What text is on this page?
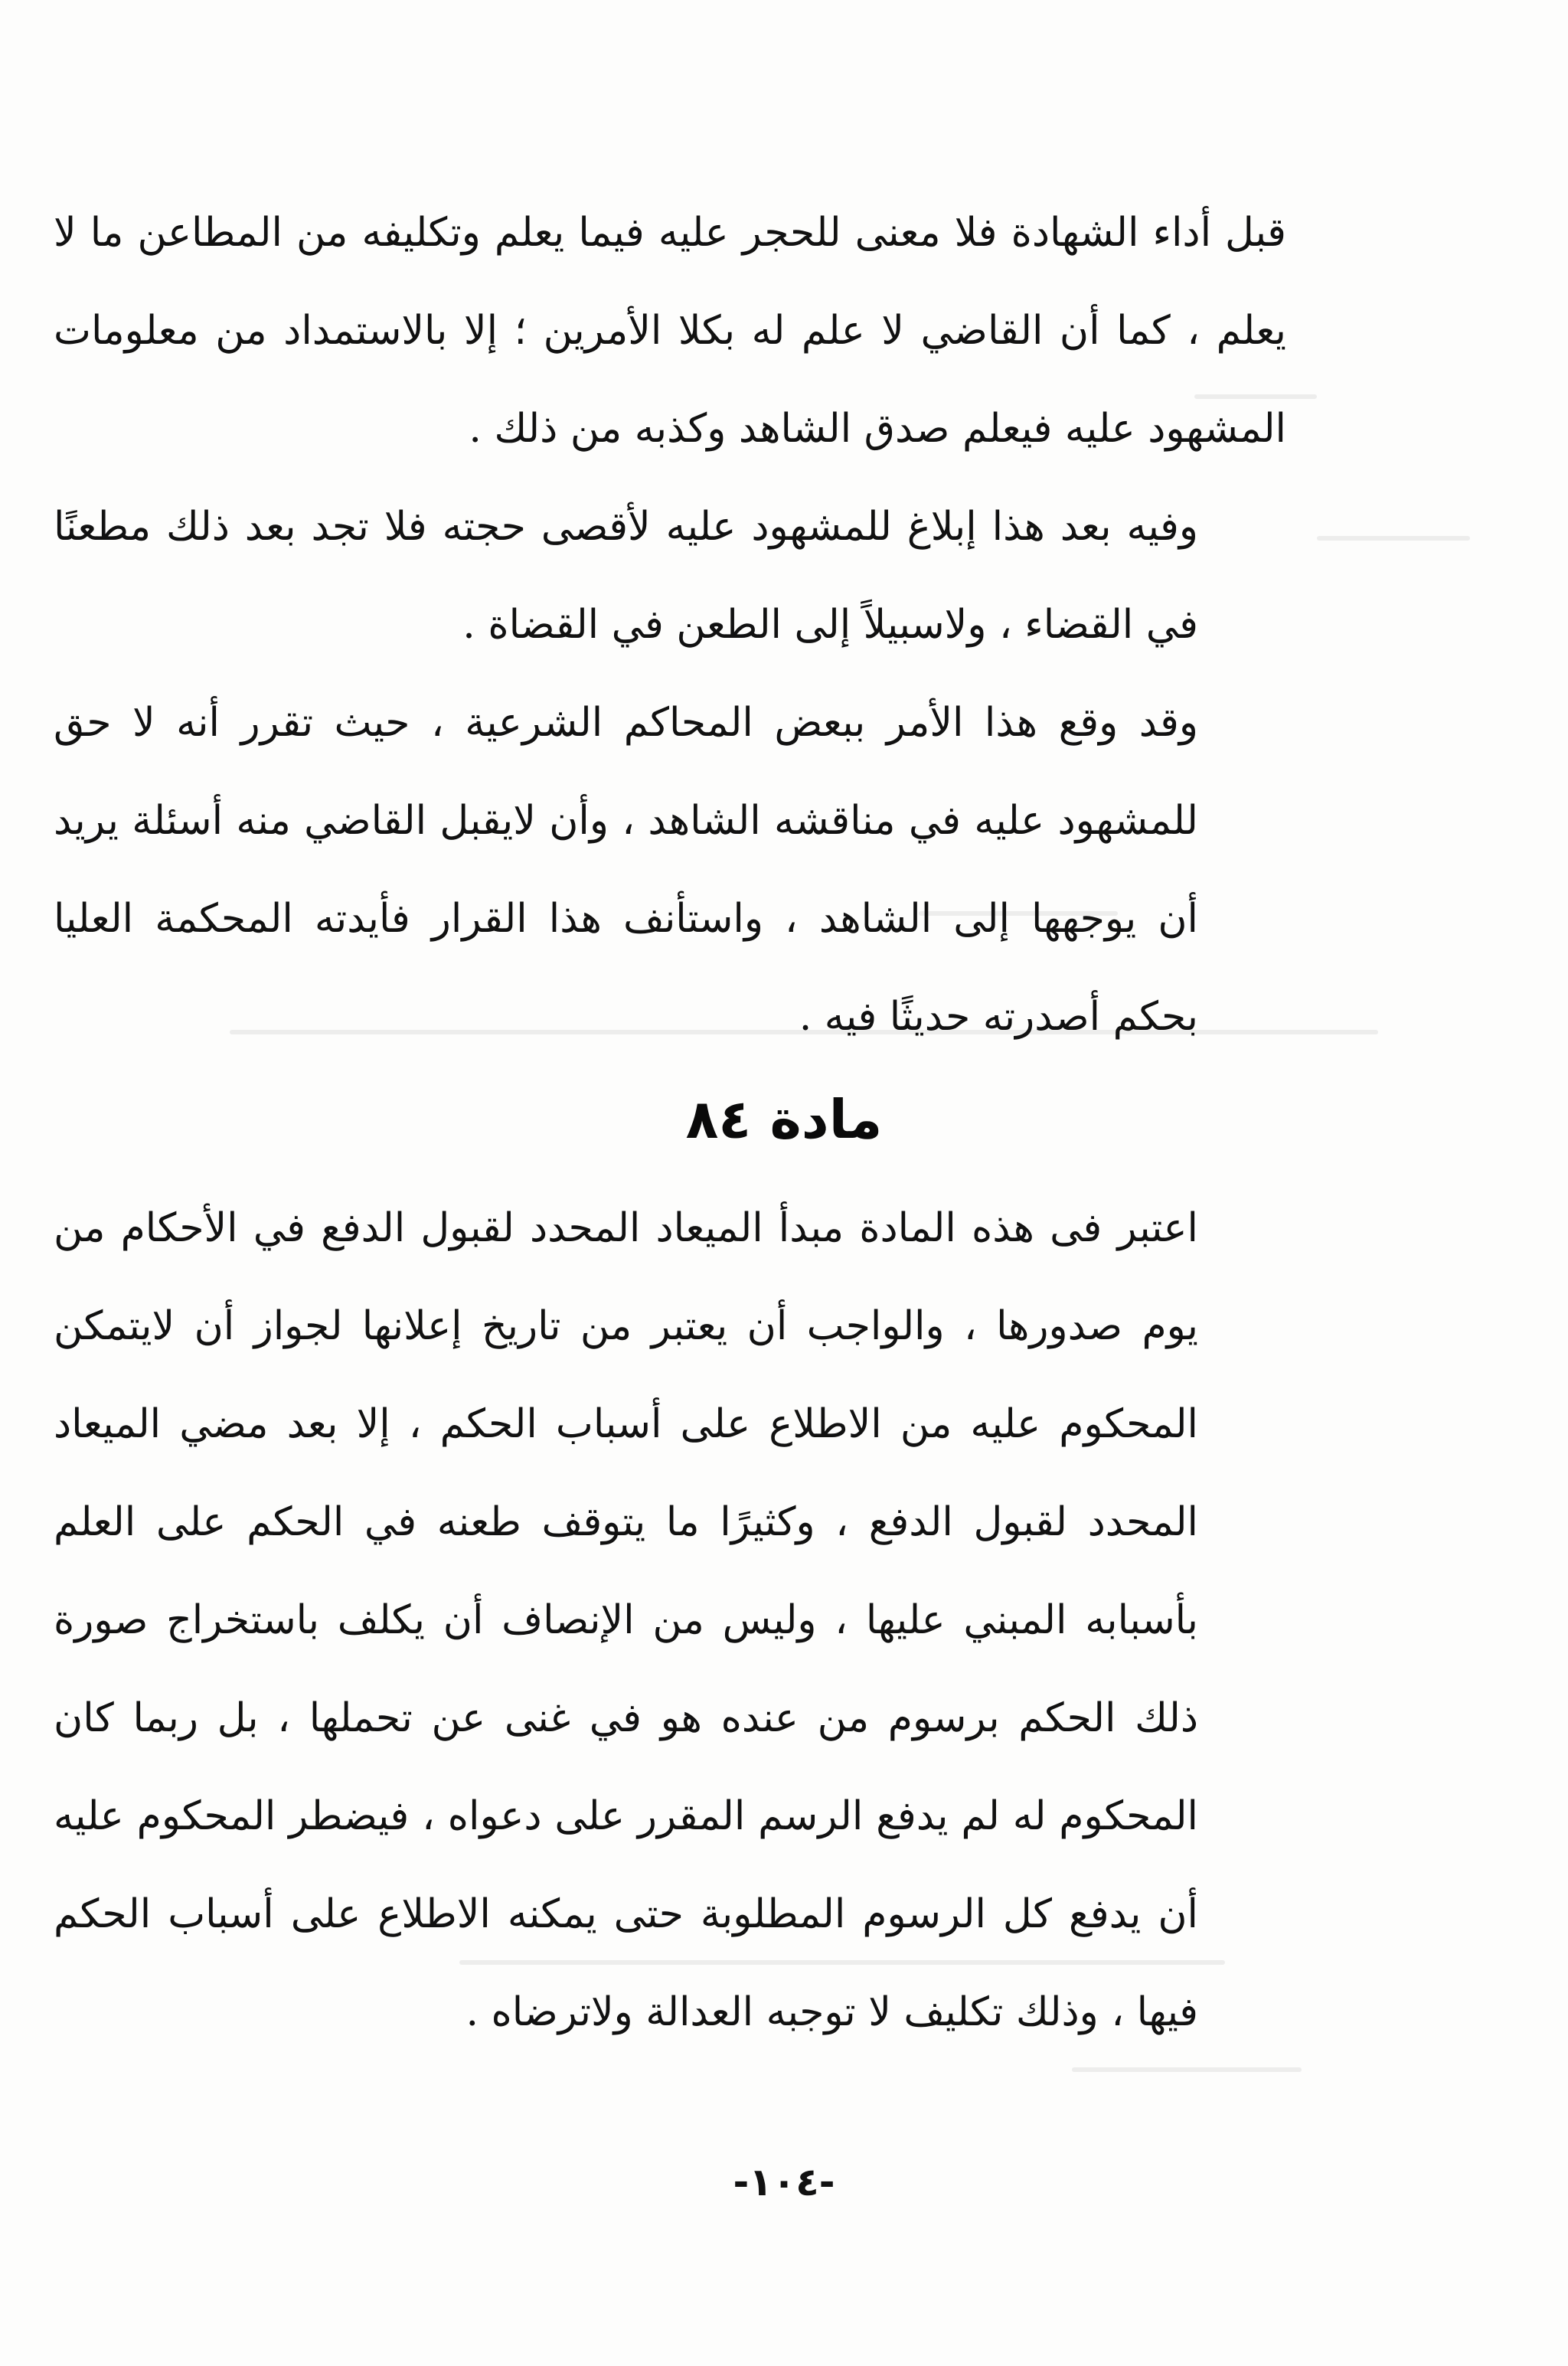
قبل أداء الشهادة فلا معنى للحجر عليه فيما يعلم وتكليفه من المطاعن ما لا يعلم ، كما أن القاضي لا علم له بكلا الأمرين ؛ إلا بالاستمداد من معلومات المشهود عليه فيعلم صدق الشاهد وكذبه من ذلك .

وفيه بعد هذا إبلاغ للمشهود عليه لأقصى حجته فلا تجد بعد ذلك مطعنًا في القضاء ، ولاسبيلاً إلى الطعن في القضاة .

وقد وقع هذا الأمر ببعض المحاكم الشرعية ، حيث تقرر أنه لا حق للمشهود عليه في مناقشه الشاهد ، وأن لايقبل القاضي منه أسئلة يريد أن يوجهها إلى الشاهد ، واستأنف هذا القرار فأيدته المحكمة العليا بحكم أصدرته حديثًا فيه .

مادة ٨٤

اعتبر فى هذه المادة مبدأ الميعاد المحدد لقبول الدفع في الأحكام من يوم صدورها ، والواجب أن يعتبر من تاريخ إعلانها لجواز أن لايتمكن المحكوم عليه من الاطلاع على أسباب الحكم ، إلا بعد مضي الميعاد المحدد لقبول الدفع ، وكثيرًا ما يتوقف طعنه في الحكم على العلم بأسبابه المبني عليها ، وليس من الإنصاف أن يكلف باستخراج صورة ذلك الحكم برسوم من عنده هو في غنى عن تحملها ، بل ربما كان المحكوم له لم يدفع الرسم المقرر على دعواه ، فيضطر المحكوم عليه أن يدفع كل الرسوم المطلوبة حتى يمكنه الاطلاع على أسباب الحكم فيها ، وذلك تكليف لا توجبه العدالة ولاترضاه .

-١٠٤-
